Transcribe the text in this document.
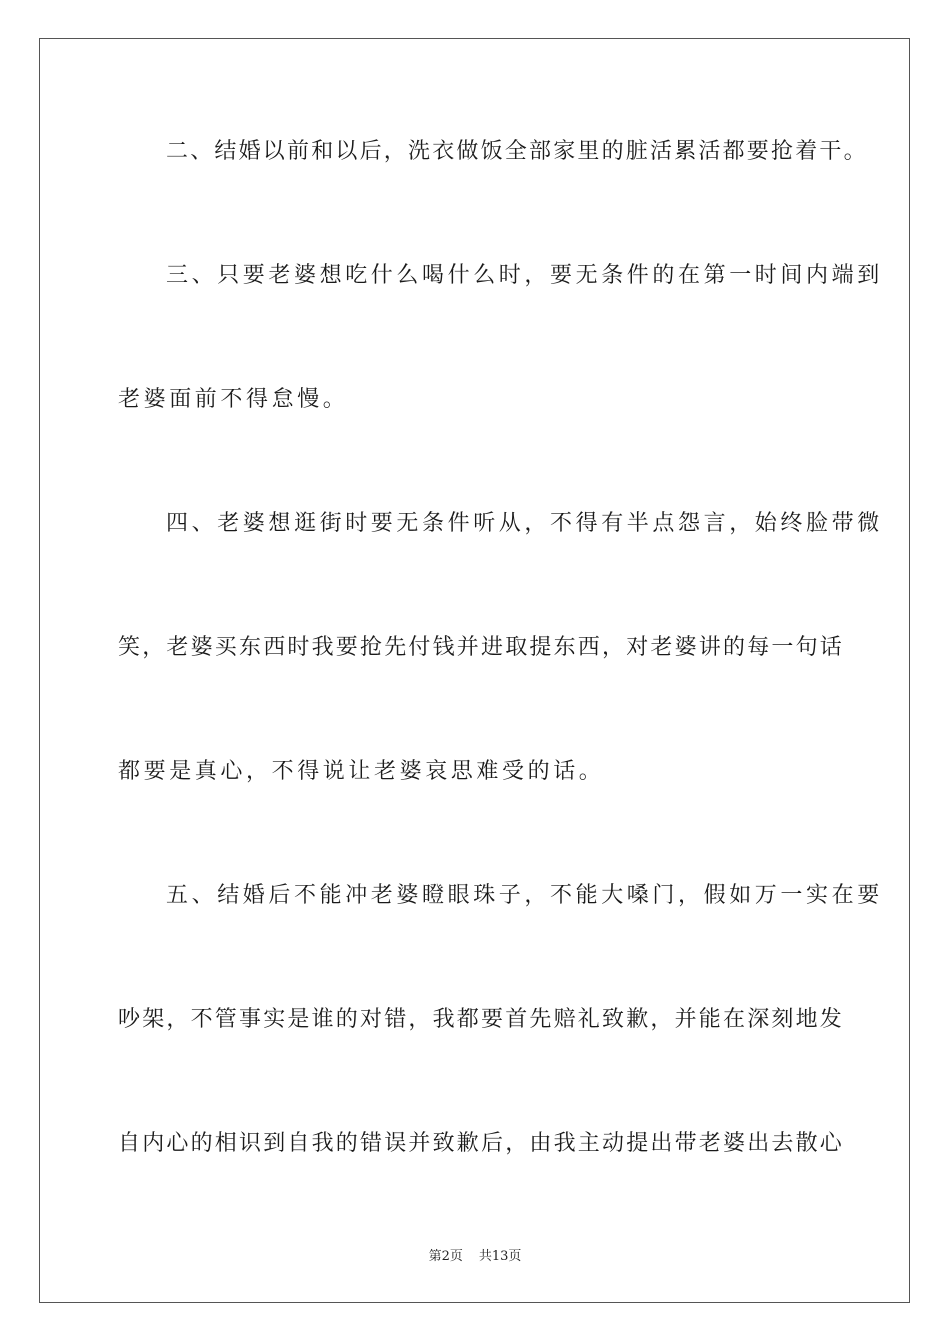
二、结婚以前和以后，洗衣做饭全部家里的脏活累活都要抢着干。
三、只要老婆想吃什么喝什么时，要无条件的在第一时间内端到
老婆面前不得怠慢。
四、老婆想逛街时要无条件听从，不得有半点怨言，始终脸带微
笑，老婆买东西时我要抢先付钱并进取提东西，对老婆讲的每一句话
都要是真心，不得说让老婆哀思难受的话。
五、结婚后不能冲老婆瞪眼珠子，不能大嗓门，假如万一实在要
吵架，不管事实是谁的对错，我都要首先赔礼致歉，并能在深刻地发
自内心的相识到自我的错误并致歉后，由我主动提出带老婆出去散心
第2页 共13页
